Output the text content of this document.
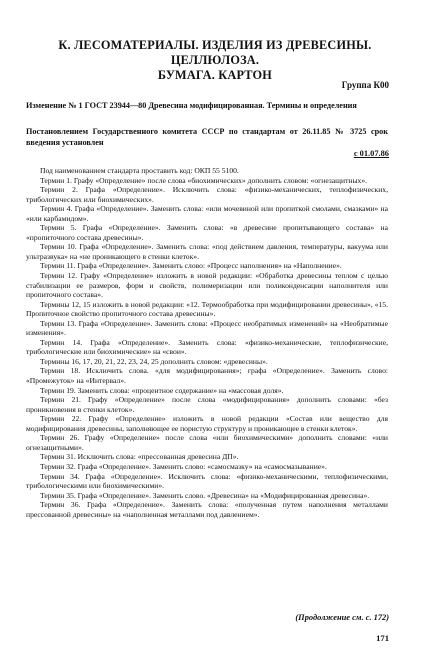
К. ЛЕСОМАТЕРИАЛЫ. ИЗДЕЛИЯ ИЗ ДРЕВЕСИНЫ. ЦЕЛЛЮЛОЗА.
БУМАГА. КАРТОН
Группа К00
Изменение № 1 ГОСТ 23944—80 Древесина модифицированная. Термины и определения
Постановлением Государственного комитета СССР по стандартам от 26.11.85 № 3725 срок введения установлен
с 01.07.86

Под наименованием стандарта проставить код: ОКП 55 5100.

Термин 1. Графу «Определение» после слова «биохимических» дополнить словом: «огнезащитных».

Термин 2. Графа «Определение». Исключить слова: «физико-механических, теплофизических, трибологических или биохимических».

Термин 4. Графа «Определение». Заменить слова: «или мочевиной или пропиткой смолами, смазками» на «или карбамидом».

Термин 5. Графа «Определение». Заменить слова: «в древесине пропитывающего состава» на «пропиточного состава древесины».

Термин 10. Графа «Определение». Заменить слова: «под действием давления, температуры, вакуума или ультразвука» на «не проникающего в стенки клеток».

Термин 11. Графа «Определение». Заменить слово: «Процесс наполнения» на «Наполнение».

Термин 12. Графу «Определение» изложить в новой редакции: «Обработка древесины теплом с целью стабилизации ее размеров, форм и свойств, полимеризации или поликонденсации наполнителя или пропиточного состава».

Термины 12, 15 изложить в новой редакции: «12. Термообработка при модифицировании древесины», «15. Пропиточное свойство пропиточного состава древесины».

Термин 13. Графа «Определение». Заменить слова: «Процесс необратимых изменений» на «Необратимые изменения».

Термин 14. Графа «Определение». Заменить слова: «физико-механические, теплофизические, трибологические или биохимические» на «свои».

Термины 16, 17, 20, 21, 22, 23, 24, 25 дополнить словом: «древесины».

Термин 18. Исключить слова. «для модифицирования»; графа «Определение». Заменить слово: «Промежуток» на «Интервал».

Термин 19. Заменить слова: «процентное содержание» на «массовая доля».

Термин 21. Графу «Определение» после слова «модифицирования» дополнить словами: «без проникновения в стенки клеток».

Термин 22. Графу «Определение» изложить в новой редакции «Состав или вещество для модифицирования древесины, заполняющее ее пористую структуру и проникающее в стенки клеток».

Термин 26. Графу «Определение» после слова «или биохимическими» дополнить словами: «или огнезащитными».

Термин 31. Исключить слова: «прессованная древесина ДП».

Термин 32. Графа «Определение». Заменить слово: «самосмазку» на «самосмазывание».

Термин 34. Графа «Определение». Исключить слова: «физико-механическими, теплофизическими, трибологическими или биохимическими».

Термин 35. Графа «Определение». Заменить слово. «Древесина» на «Модифицированная древесина».

Термин 36. Графа «Определение». Заменить слова: «полученная путем наполнения металлами прессованной древесины» на «наполненная металлами под давлением».

(Продолжение см. с. 172)
171
